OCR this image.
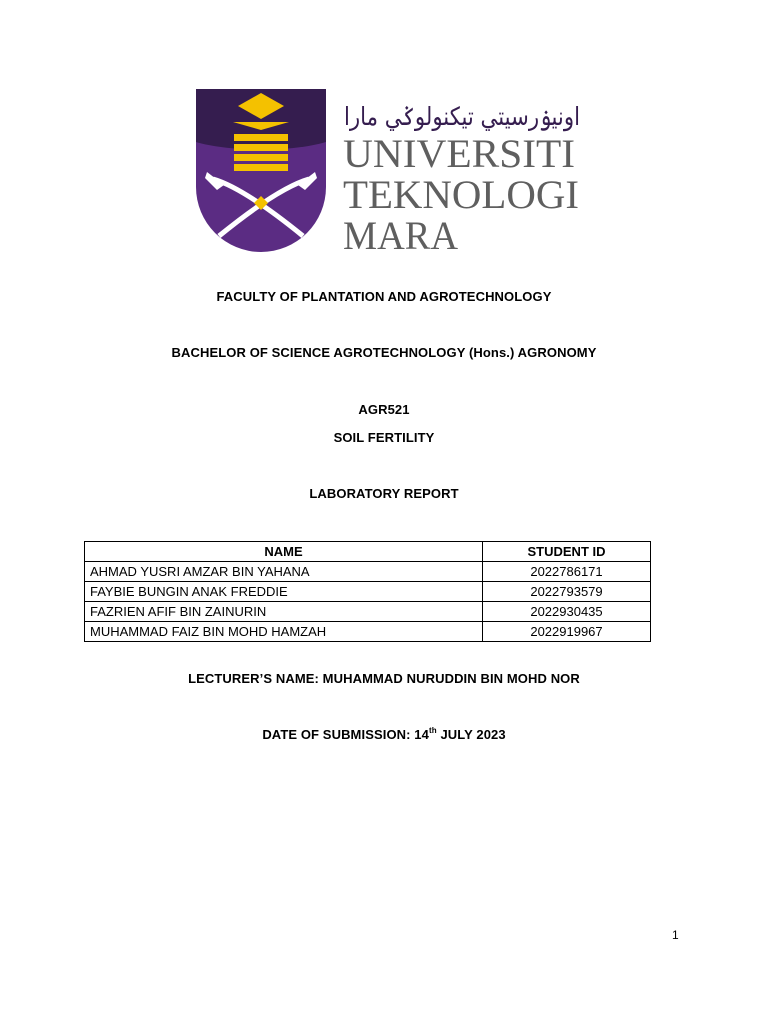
اونيۏرسيتي تيكنولوݢي مارا
UNIVERSITI
TEKNOLOGI
MARA
FACULTY OF PLANTATION AND AGROTECHNOLOGY
BACHELOR OF SCIENCE AGROTECHNOLOGY (Hons.) AGRONOMY
AGR521
SOIL FERTILITY
LABORATORY REPORT
NAME	STUDENT ID
AHMAD YUSRI AMZAR BIN YAHANA	2022786171
FAYBIE BUNGIN ANAK FREDDIE	2022793579
FAZRIEN AFIF BIN ZAINURIN	2022930435
MUHAMMAD FAIZ BIN MOHD HAMZAH	2022919967
LECTURER’S NAME: MUHAMMAD NURUDDIN BIN MOHD NOR
DATE OF SUBMISSION: 14th JULY 2023
1
